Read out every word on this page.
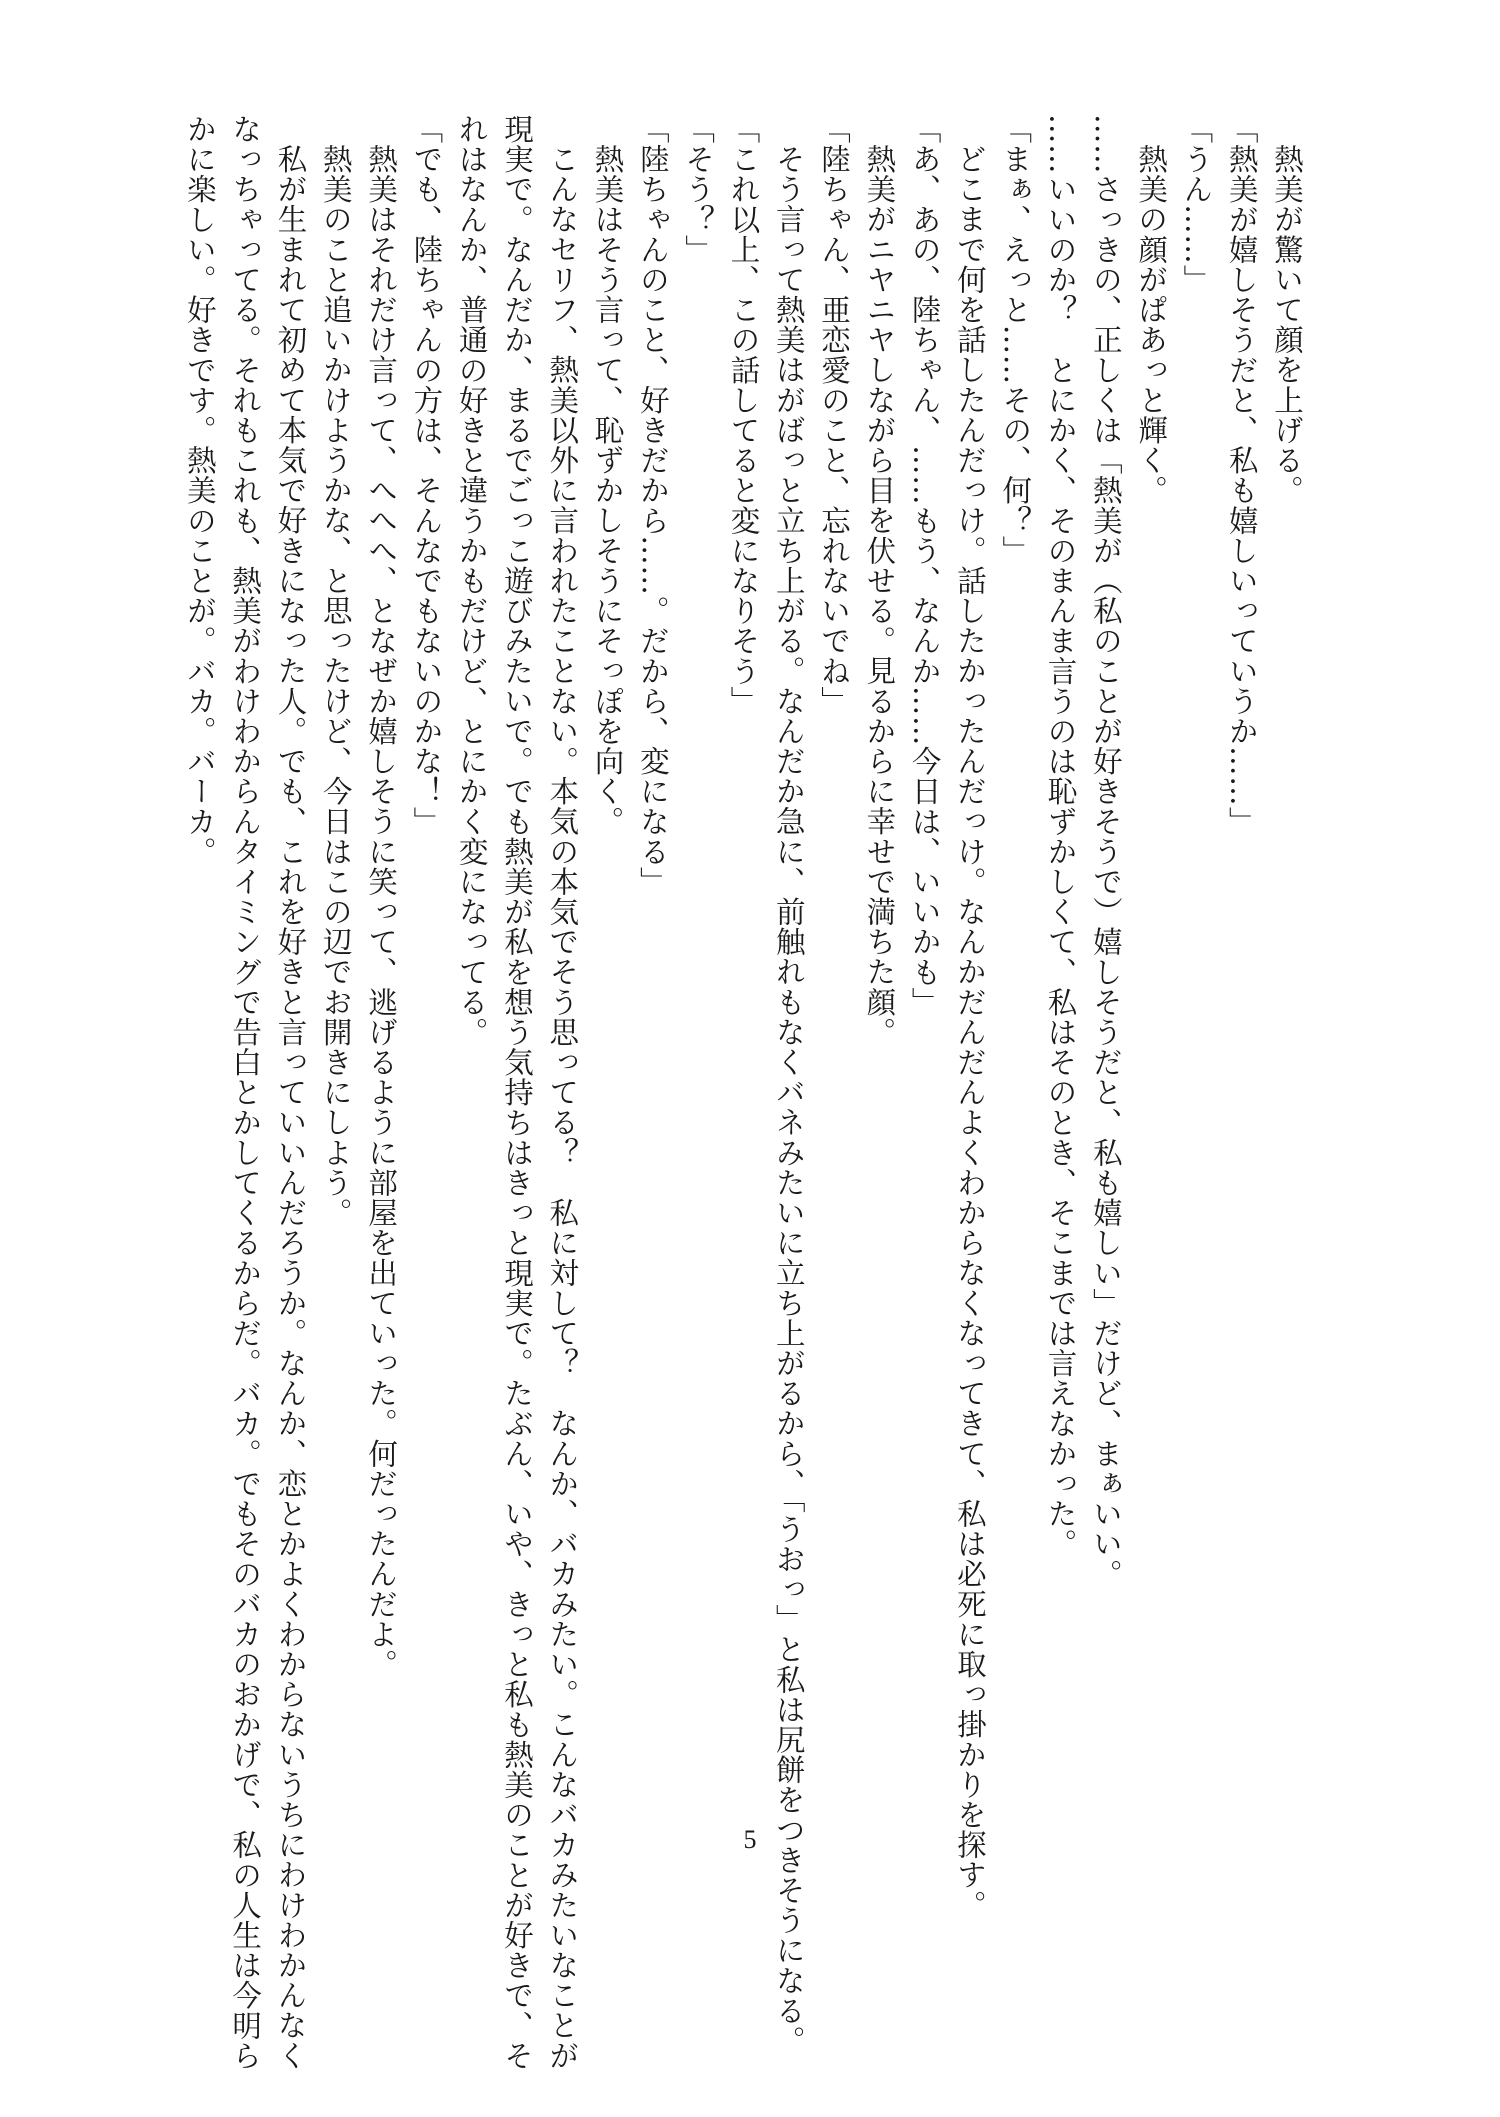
熱美が驚いて顔を上げる。
「熱美が嬉しそうだと、私も嬉しいっていうか……」
「うん……」
熱美の顔がぱあっと輝く。
……さっきの、正しくは「熱美が（私のことが好きそうで）嬉しそうだと、私も嬉しい」だけど、まぁいい。
……いいのか？　とにかく、そのまんま言うのは恥ずかしくて、私はそのとき、そこまでは言えなかった。
「まぁ、えっと……その、何？」
どこまで何を話したんだっけ。話したかったんだっけ。なんかだんだんよくわからなくなってきて、私は必死に取っ掛かりを探す。
「あ、あの、陸ちゃん、……もう、なんか……今日は、いいかも」
熱美がニヤニヤしながら目を伏せる。見るからに幸せで満ちた顔。
「陸ちゃん、亜恋愛のこと、忘れないでね」
そう言って熱美はがばっと立ち上がる。なんだか急に、前触れもなくバネみたいに立ち上がるから、「うおっ」と私は尻餅をつきそうになる。
「これ以上、この話してると変になりそう」
「そう？」
「陸ちゃんのこと、好きだから……。だから、変になる」
熱美はそう言って、恥ずかしそうにそっぽを向く。
こんなセリフ、熱美以外に言われたことない。本気の本気でそう思ってる？　私に対して？　なんか、バカみたい。こんなバカみたいなことが
現実で。なんだか、まるでごっこ遊びみたいで。でも熱美が私を想う気持ちはきっと現実で。たぶん、いや、きっと私も熱美のことが好きで、そ
れはなんか、普通の好きと違うかもだけど、とにかく変になってる。
「でも、陸ちゃんの方は、そんなでもないのかな！」
熱美はそれだけ言って、へへへ、となぜか嬉しそうに笑って、逃げるように部屋を出ていった。何だったんだよ。
熱美のこと追いかけようかな、と思ったけど、今日はこの辺でお開きにしよう。
私が生まれて初めて本気で好きになった人。でも、これを好きと言っていいんだろうか。なんか、恋とかよくわからないうちにわけわかんなく
なっちゃってる。それもこれも、熱美がわけわからんタイミングで告白とかしてくるからだ。バカ。でもそのバカのおかげで、私の人生は今明ら
かに楽しい。好きです。熱美のことが。バカ。バーカ。
5
